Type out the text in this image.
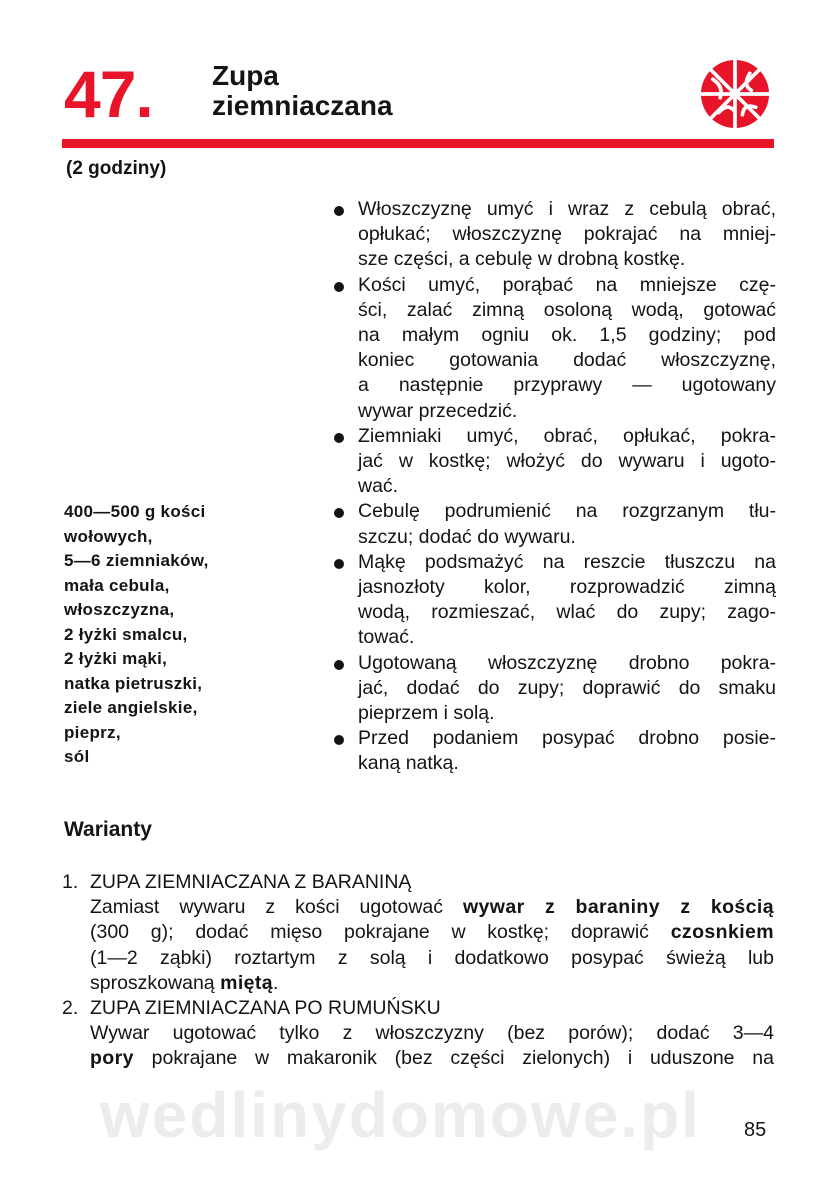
47. Zupa
ziemniaczana
(2 godziny)
400—500 g kości
wołowych,
5—6 ziemniaków,
mała cebula,
włoszczyzna,
2 łyżki smalcu,
2 łyżki mąki,
natka pietruszki,
ziele angielskie,
pieprz,
sól
Włoszczyznę umyć i wraz z cebulą obrać,
opłukać; włoszczyznę pokrajać na mniej-
sze części, a cebulę w drobną kostkę.
Kości umyć, porąbać na mniejsze czę-
ści, zalać zimną osoloną wodą, gotować
na małym ogniu ok. 1,5 godziny; pod
koniec gotowania dodać włoszczyznę,
a następnie przyprawy — ugotowany
wywar przecedzić.
Ziemniaki umyć, obrać, opłukać, pokra-
jać w kostkę; włożyć do wywaru i ugoto-
wać.
Cebulę podrumienić na rozgrzanym tłu-
szczu; dodać do wywaru.
Mąkę podsmażyć na reszcie tłuszczu na
jasnozłoty kolor, rozprowadzić zimną
wodą, rozmieszać, wlać do zupy; zago-
tować.
Ugotowaną włoszczyznę drobno pokra-
jać, dodać do zupy; doprawić do smaku
pieprzem i solą.
Przed podaniem posypać drobno posie-
kaną natką.
Warianty
1. ZUPA ZIEMNIACZANA Z BARANINĄ
Zamiast wywaru z kości ugotować wywar z baraniny z kością
(300 g); dodać mięso pokrajane w kostkę; doprawić czosnkiem
(1—2 ząbki) roztartym z solą i dodatkowo posypać świeżą lub
sproszkowaną miętą.
2. ZUPA ZIEMNIACZANA PO RUMUŃSKU
Wywar ugotować tylko z włoszczyzny (bez porów); dodać 3—4
pory pokrajane w makaronik (bez części zielonych) i uduszone na
wedlinydomowe.pl 85
